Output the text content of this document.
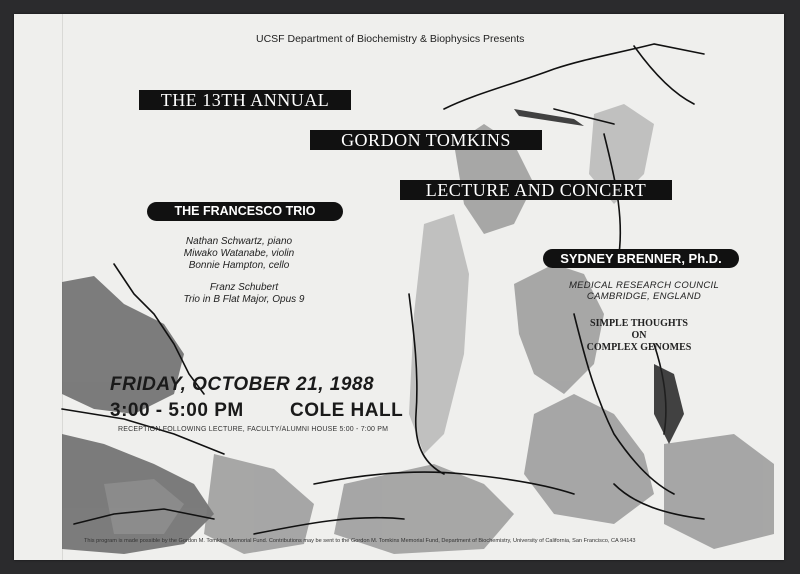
UCSF Department of Biochemistry & Biophysics Presents
THE 13TH ANNUAL
GORDON TOMKINS
LECTURE AND CONCERT
THE FRANCESCO TRIO
Nathan Schwartz, piano
Miwako Watanabe, violin
Bonnie Hampton, cello
Franz Schubert
Trio in B Flat Major, Opus 9
SYDNEY BRENNER, Ph.D.
MEDICAL RESEARCH COUNCIL
CAMBRIDGE, ENGLAND
SIMPLE THOUGHTS
ON
COMPLEX GENOMES
FRIDAY, OCTOBER 21, 1988
3:00 - 5:00 PM COLE HALL
RECEPTION FOLLOWING LECTURE, FACULTY/ALUMNI HOUSE 5:00 - 7:00 PM
This program is made possible by the Gordon M. Tomkins Memorial Fund. Contributions may be sent to the Gordon M. Tomkins Memorial Fund, Department of Biochemistry, University of California, San Francisco, CA 94143
